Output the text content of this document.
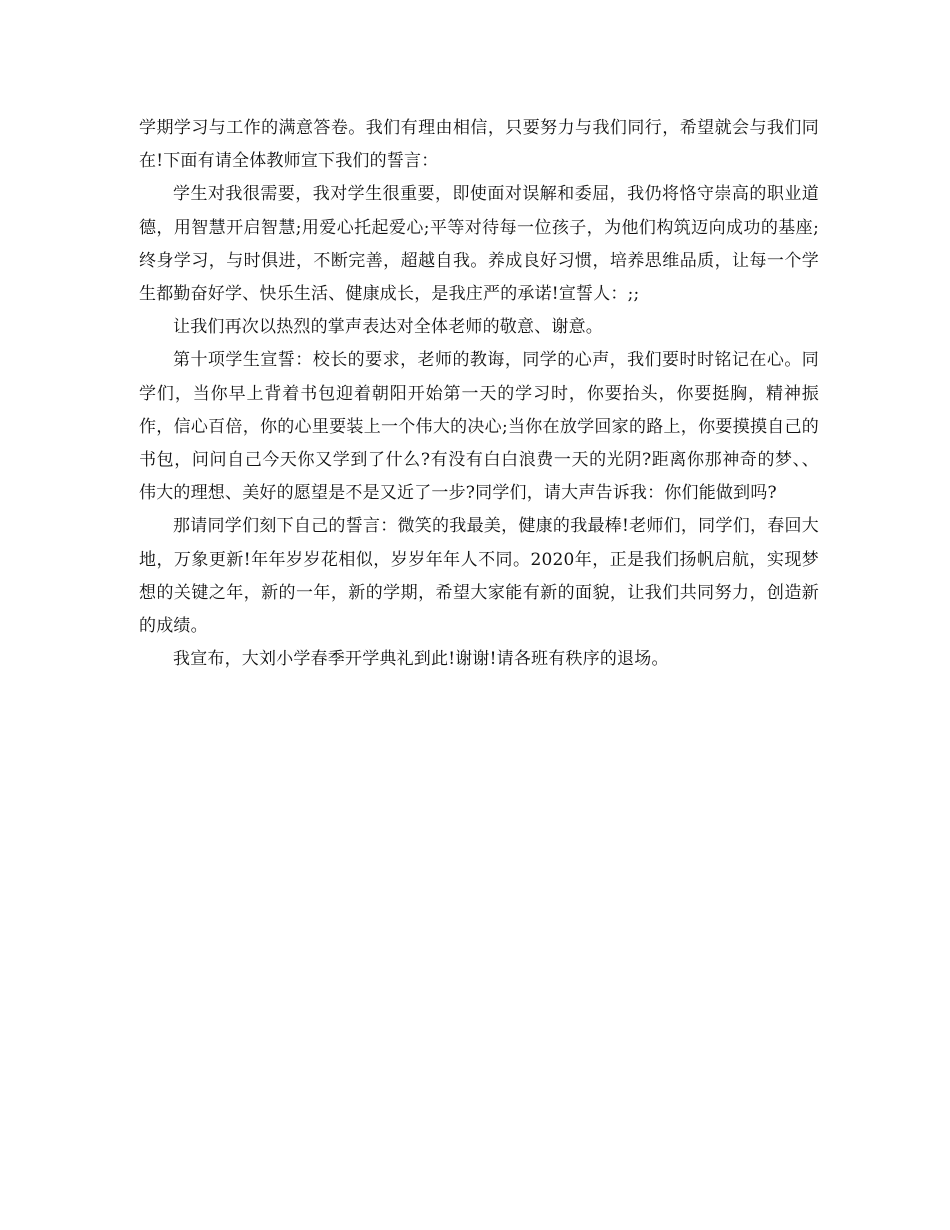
学期学习与工作的满意答卷。我们有理由相信，只要努力与我们同行，希望就会与我们同在!下面有请全体教师宣下我们的誓言：

学生对我很需要，我对学生很重要，即使面对误解和委屈，我仍将恪守崇高的职业道德，用智慧开启智慧;用爱心托起爱心;平等对待每一位孩子，为他们构筑迈向成功的基座;终身学习，与时俱进，不断完善，超越自我。养成良好习惯，培养思维品质，让每一个学生都勤奋好学、快乐生活、健康成长，是我庄严的承诺!宣誓人：;;

让我们再次以热烈的掌声表达对全体老师的敬意、谢意。

第十项学生宣誓：校长的要求，老师的教诲，同学的心声，我们要时时铭记在心。同学们，当你早上背着书包迎着朝阳开始第一天的学习时，你要抬头，你要挺胸，精神振作，信心百倍，你的心里要装上一个伟大的决心;当你在放学回家的路上，你要摸摸自己的书包，问问自己今天你又学到了什么?有没有白白浪费一天的光阴?距离你那神奇的梦、、伟大的理想、美好的愿望是不是又近了一步?同学们，请大声告诉我：你们能做到吗?

那请同学们刻下自己的誓言：微笑的我最美，健康的我最棒!老师们，同学们，春回大地，万象更新!年年岁岁花相似，岁岁年年人不同。2020年，正是我们扬帆启航，实现梦想的关键之年，新的一年，新的学期，希望大家能有新的面貌，让我们共同努力，创造新的成绩。

我宣布，大刘小学春季开学典礼到此!谢谢!请各班有秩序的退场。
